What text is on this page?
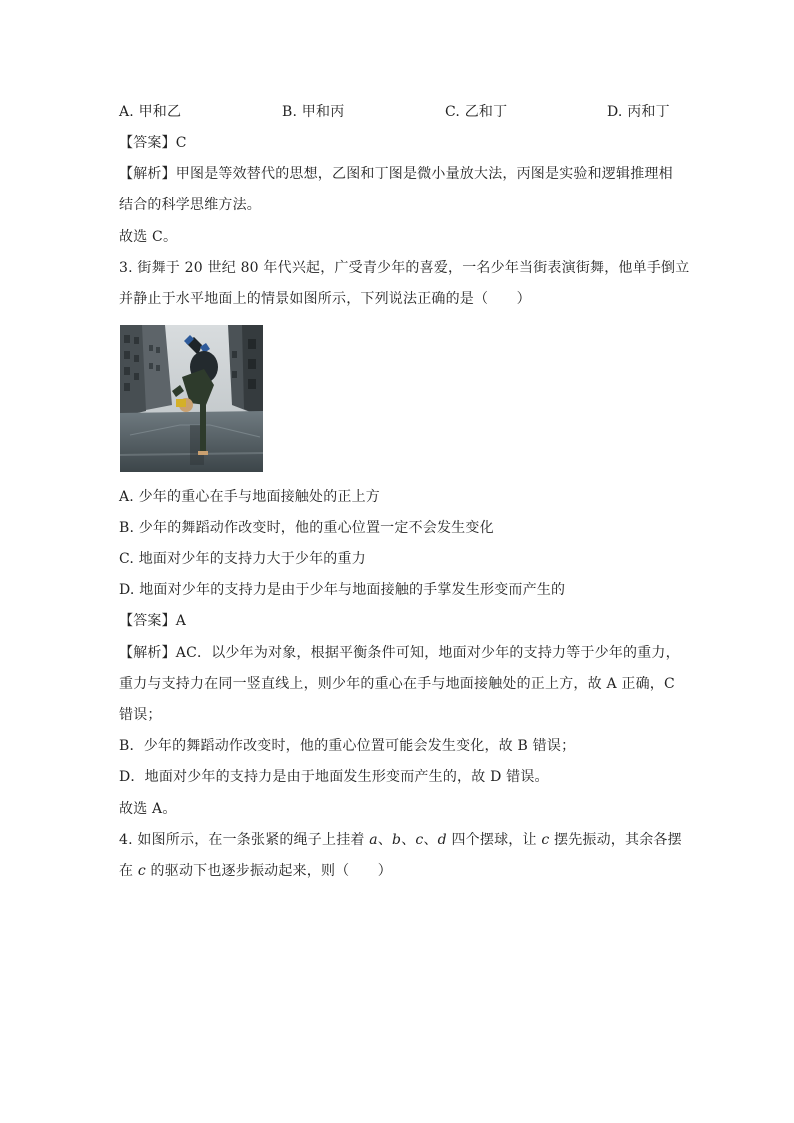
A. 甲和乙	B. 甲和丙	C. 乙和丁	D. 丙和丁
【答案】C
【解析】甲图是等效替代的思想，乙图和丁图是微小量放大法，丙图是实验和逻辑推理相
结合的科学思维方法。
故选 C。
3. 街舞于 20 世纪 80 年代兴起，广受青少年的喜爱，一名少年当街表演街舞，他单手倒立
并静止于水平地面上的情景如图所示，下列说法正确的是（　　）
A. 少年的重心在手与地面接触处的正上方
B. 少年的舞蹈动作改变时，他的重心位置一定不会发生变化
C. 地面对少年的支持力大于少年的重力
D. 地面对少年的支持力是由于少年与地面接触的手掌发生形变而产生的
【答案】A
【解析】AC．以少年为对象，根据平衡条件可知，地面对少年的支持力等于少年的重力，
重力与支持力在同一竖直线上，则少年的重心在手与地面接触处的正上方，故 A 正确，C
错误；
B．少年的舞蹈动作改变时，他的重心位置可能会发生变化，故 B 错误；
D．地面对少年的支持力是由于地面发生形变而产生的，故 D 错误。
故选 A。
4. 如图所示，在一条张紧的绳子上挂着 a、b、c、d 四个摆球，让 c 摆先振动，其余各摆
在 c 的驱动下也逐步振动起来，则（　　）
